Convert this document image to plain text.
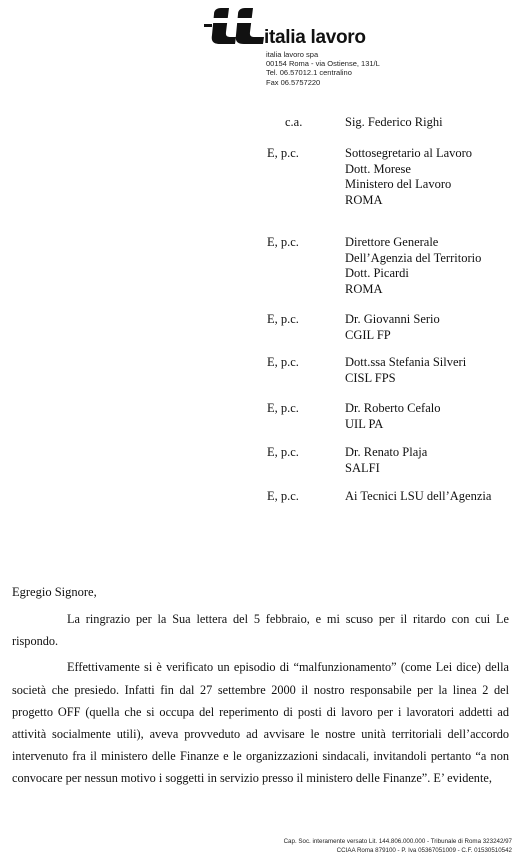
italia lavoro
italia lavoro spa
00154 Roma - via Ostiense, 131/L
Tel. 06.57012.1 centralino
Fax 06.5757220
c.a.	Sig. Federico Righi
E, p.c.	Sottosegretario al Lavoro
Dott. Morese
Ministero del Lavoro
ROMA
E, p.c.	Direttore Generale
Dell’Agenzia del Territorio
Dott. Picardi
ROMA
E, p.c.	Dr. Giovanni Serio
CGIL FP
E, p.c.	Dott.ssa Stefania Silveri
CISL FPS
E, p.c.	Dr. Roberto Cefalo
UIL PA
E, p.c.	Dr. Renato Plaja
SALFI
E, p.c.	Ai Tecnici LSU dell’Agenzia
Egregio Signore,

La ringrazio per la Sua lettera del 5 febbraio, e mi scuso per il ritardo con cui Le rispondo.

Effettivamente si è verificato un episodio di “malfunzionamento” (come Lei dice) della società che presiedo. Infatti fin dal 27 settembre 2000 il nostro responsabile per la linea 2 del progetto OFF (quella che si occupa del reperimento di posti di lavoro per i lavoratori addetti ad attività socialmente utili), aveva provveduto ad avvisare le nostre unità territoriali dell’accordo intervenuto fra il ministero delle Finanze e le organizzazioni sindacali, invitandoli pertanto “a non convocare per nessun motivo i soggetti in servizio presso il ministero delle Finanze”. E’ evidente,

Cap. Soc. interamente versato Lit. 144.806.000.000 - Tribunale di Roma 323242/97
CCIAA Roma 879100 - P. Iva 05367051009 - C.F. 01530510542
